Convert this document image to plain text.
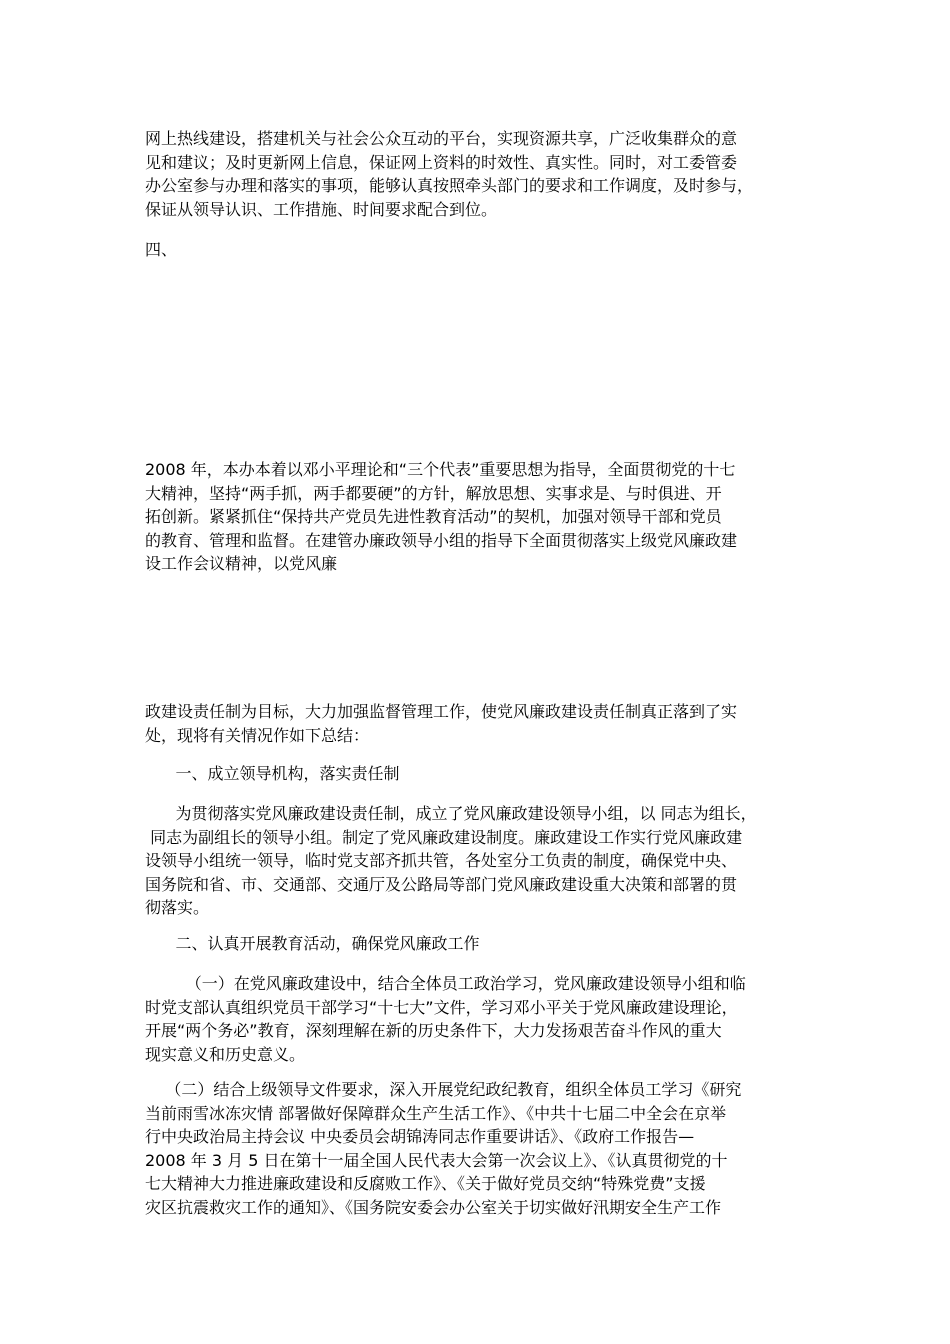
网上热线建设，搭建机关与社会公众互动的平台，实现资源共享，广泛收集群众的意
见和建议；及时更新网上信息，保证网上资料的时效性、真实性。同时，对工委管委
办公室参与办理和落实的事项，能够认真按照牵头部门的要求和工作调度，及时参与，
保证从领导认识、工作措施、时间要求配合到位。

四、

2008 年，本办本着以邓小平理论和“三个代表”重要思想为指导，全面贯彻党的十七
大精神，坚持“两手抓，两手都要硬”的方针，解放思想、实事求是、与时俱进、开
拓创新。紧紧抓住“保持共产党员先进性教育活动”的契机，加强对领导干部和党员
的教育、管理和监督。在建管办廉政领导小组的指导下全面贯彻落实上级党风廉政建
设工作会议精神，以党风廉

政建设责任制为目标，大力加强监督管理工作，使党风廉政建设责任制真正落到了实
处，现将有关情况作如下总结：

一、成立领导机构，落实责任制

为贯彻落实党风廉政建设责任制，成立了党风廉政建设领导小组，以 同志为组长，
同志为副组长的领导小组。制定了党风廉政建设制度。廉政建设工作实行党风廉政建
设领导小组统一领导，临时党支部齐抓共管，各处室分工负责的制度，确保党中央、
国务院和省、市、交通部、交通厅及公路局等部门党风廉政建设重大决策和部署的贯
彻落实。

二、认真开展教育活动，确保党风廉政工作

（一）在党风廉政建设中，结合全体员工政治学习，党风廉政建设领导小组和临
时党支部认真组织党员干部学习“十七大”文件，学习邓小平关于党风廉政建设理论，
开展“两个务必”教育，深刻理解在新的历史条件下，大力发扬艰苦奋斗作风的重大
现实意义和历史意义。

（二）结合上级领导文件要求，深入开展党纪政纪教育，组织全体员工学习《研究
当前雨雪冰冻灾情 部署做好保障群众生产生活工作》、《中共十七届二中全会在京举
行中央政治局主持会议 中央委员会胡锦涛同志作重要讲话》、《政府工作报告—
2008 年 3 月 5 日在第十一届全国人民代表大会第一次会议上》、《认真贯彻党的十
七大精神大力推进廉政建设和反腐败工作》、《关于做好党员交纳“特殊党费”支援
灾区抗震救灾工作的通知》、《国务院安委会办公室关于切实做好汛期安全生产工作
